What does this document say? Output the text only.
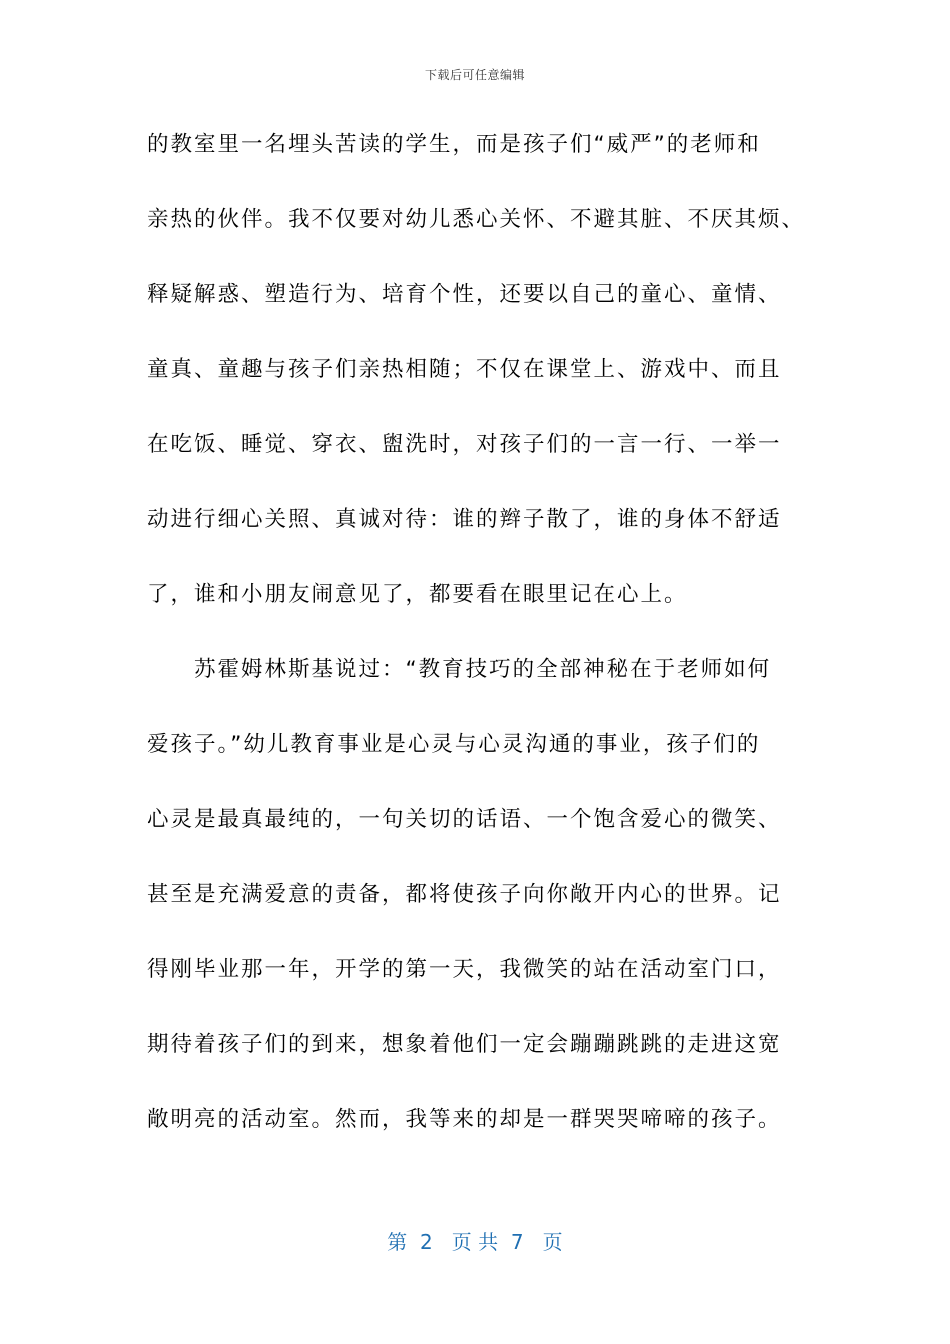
下载后可任意编辑
的教室里一名埋头苦读的学生，而是孩子们“威严”的老师和
亲热的伙伴。我不仅要对幼儿悉心关怀、不避其脏、不厌其烦、
释疑解惑、塑造行为、培育个性，还要以自己的童心、童情、
童真、童趣与孩子们亲热相随；不仅在课堂上、游戏中、而且
在吃饭、睡觉、穿衣、盥洗时，对孩子们的一言一行、一举一
动进行细心关照、真诚对待：谁的辫子散了，谁的身体不舒适
了，谁和小朋友闹意见了，都要看在眼里记在心上。
苏霍姆林斯基说过：“教育技巧的全部神秘在于老师如何
爱孩子。”幼儿教育事业是心灵与心灵沟通的事业，孩子们的
心灵是最真最纯的，一句关切的话语、一个饱含爱心的微笑、
甚至是充满爱意的责备，都将使孩子向你敞开内心的世界。记
得刚毕业那一年，开学的第一天，我微笑的站在活动室门口，
期待着孩子们的到来，想象着他们一定会蹦蹦跳跳的走进这宽
敞明亮的活动室。然而，我等来的却是一群哭哭啼啼的孩子。
第  2   页 共  7   页
